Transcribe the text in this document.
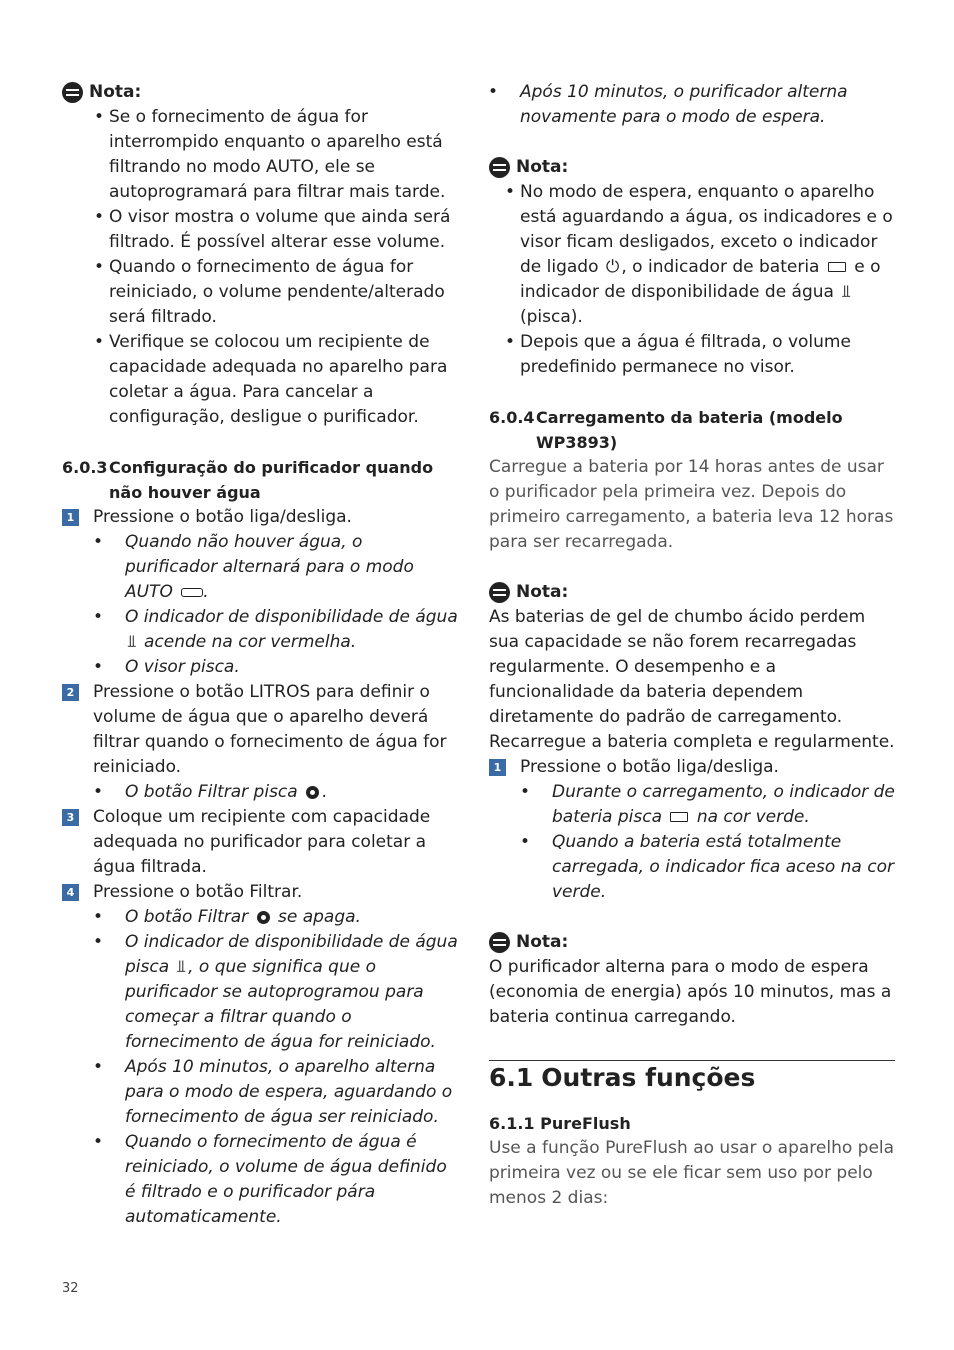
Nota:

• Se o fornecimento de água for interrompido enquanto o aparelho está filtrando no modo AUTO, ele se autoprogramará para filtrar mais tarde.
• O visor mostra o volume que ainda será filtrado. É possível alterar esse volume.
• Quando o fornecimento de água for reiniciado, o volume pendente/alterado será filtrado.
• Verifique se colocou um recipiente de capacidade adequada no aparelho para coletar a água. Para cancelar a configuração, desligue o purificador.
6.0.3 Configuração do purificador quando não houver água
1 Pressione o botão liga/desliga.
• Quando não houver água, o purificador alternará para o modo AUTO .
• O indicador de disponibilidade de água ⫫ acende na cor vermelha.
• O visor pisca.
2 Pressione o botão LITROS para definir o volume de água que o aparelho deverá filtrar quando o fornecimento de água for reiniciado.
• O botão Filtrar pisca .
3 Coloque um recipiente com capacidade adequada no purificador para coletar a água filtrada.
4 Pressione o botão Filtrar.
• O botão Filtrar se apaga.
• O indicador de disponibilidade de água pisca ⫫ , o que significa que o purificador se autoprogramou para começar a filtrar quando o fornecimento de água for reiniciado.
• Após 10 minutos, o aparelho alterna para o modo de espera, aguardando o fornecimento de água ser reiniciado.
• Quando o fornecimento de água é reiniciado, o volume de água definido é filtrado e o purificador pára automaticamente.
• Após 10 minutos, o purificador alterna novamente para o modo de espera.

Nota:

• No modo de espera, enquanto o aparelho está aguardando a água, os indicadores e o visor ficam desligados, exceto o indicador de ligado ⏻ , o indicador de bateria e o indicador de disponibilidade de água ⫫ (pisca).
• Depois que a água é filtrada, o volume predefinido permanece no visor.
6.0.4 Carregamento da bateria (modelo WP3893)

Carregue a bateria por 14 horas antes de usar o purificador pela primeira vez. Depois do primeiro carregamento, a bateria leva 12 horas para ser recarregada.

Nota:

As baterias de gel de chumbo ácido perdem sua capacidade se não forem recarregadas regularmente. O desempenho e a funcionalidade da bateria dependem diretamente do padrão de carregamento. Recarregue a bateria completa e regularmente.

1 Pressione o botão liga/desliga.
• Durante o carregamento, o indicador de bateria pisca na cor verde.
• Quando a bateria está totalmente carregada, o indicador fica aceso na cor verde.

Nota:

O purificador alterna para o modo de espera (economia de energia) após 10 minutos, mas a bateria continua carregando.

6.1 Outras funções
6.1.1 PureFlush

Use a função PureFlush ao usar o aparelho pela primeira vez ou se ele ficar sem uso por pelo menos 2 dias:

32
